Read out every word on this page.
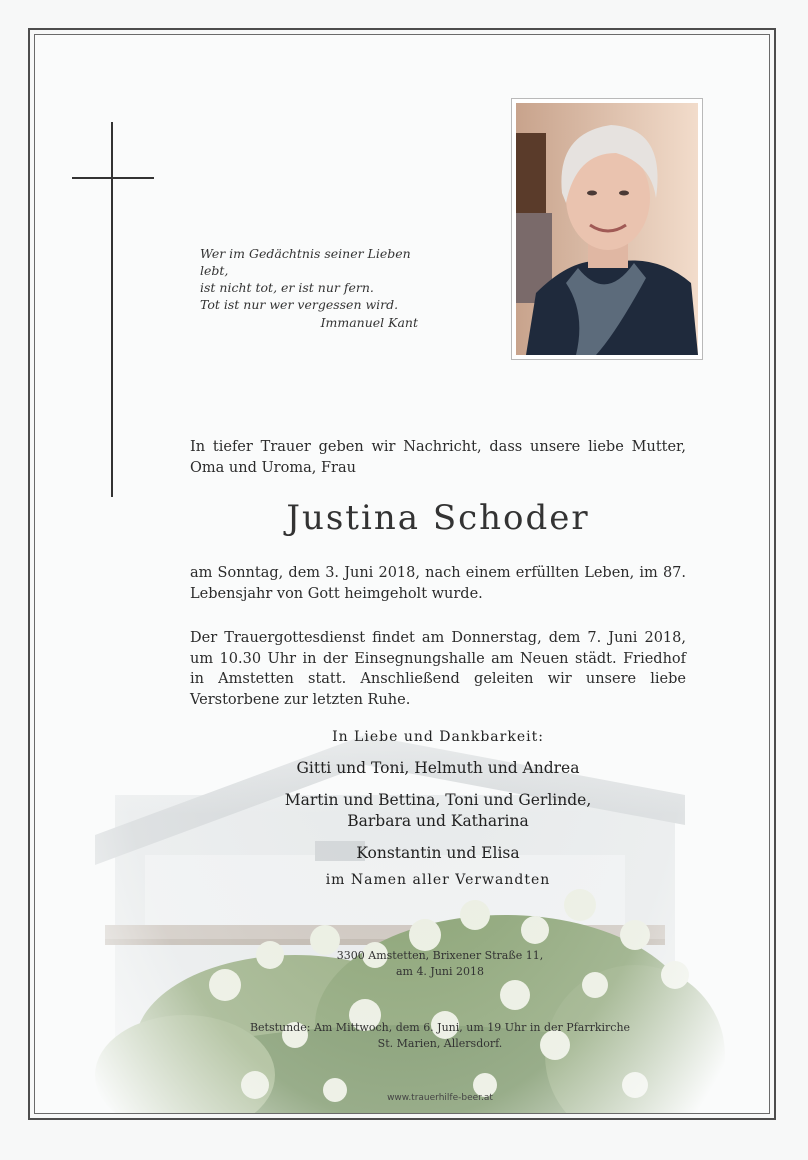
Wer im Gedächtnis seiner Lieben lebt,

ist nicht tot, er ist nur fern.

Tot ist nur wer vergessen wird.

Immanuel Kant

In tiefer Trauer geben wir Nachricht, dass unsere liebe Mutter, Oma und Uroma, Frau
Justina Schoder
am Sonntag, dem 3. Juni 2018, nach einem erfüllten Leben, im 87. Lebensjahr von Gott heimgeholt wurde.
Der Trauergottesdienst findet am Donnerstag, dem 7. Juni 2018, um 10.30 Uhr in der Einsegnungshalle am Neuen städt. Friedhof in Amstetten statt. Anschließend geleiten wir unsere liebe Verstorbene zur letzten Ruhe.
In Liebe und Dankbarkeit:
Gitti und Toni, Helmuth und Andrea
Martin und Bettina, Toni und Gerlinde,
Barbara und Katharina
Konstantin und Elisa
im Namen aller Verwandten
3300 Amstetten, Brixener Straße 11,
am 4. Juni 2018
Betstunde: Am Mittwoch, dem 6. Juni, um 19 Uhr in der Pfarrkirche
St. Marien, Allersdorf.
www.trauerhilfe-beer.at
